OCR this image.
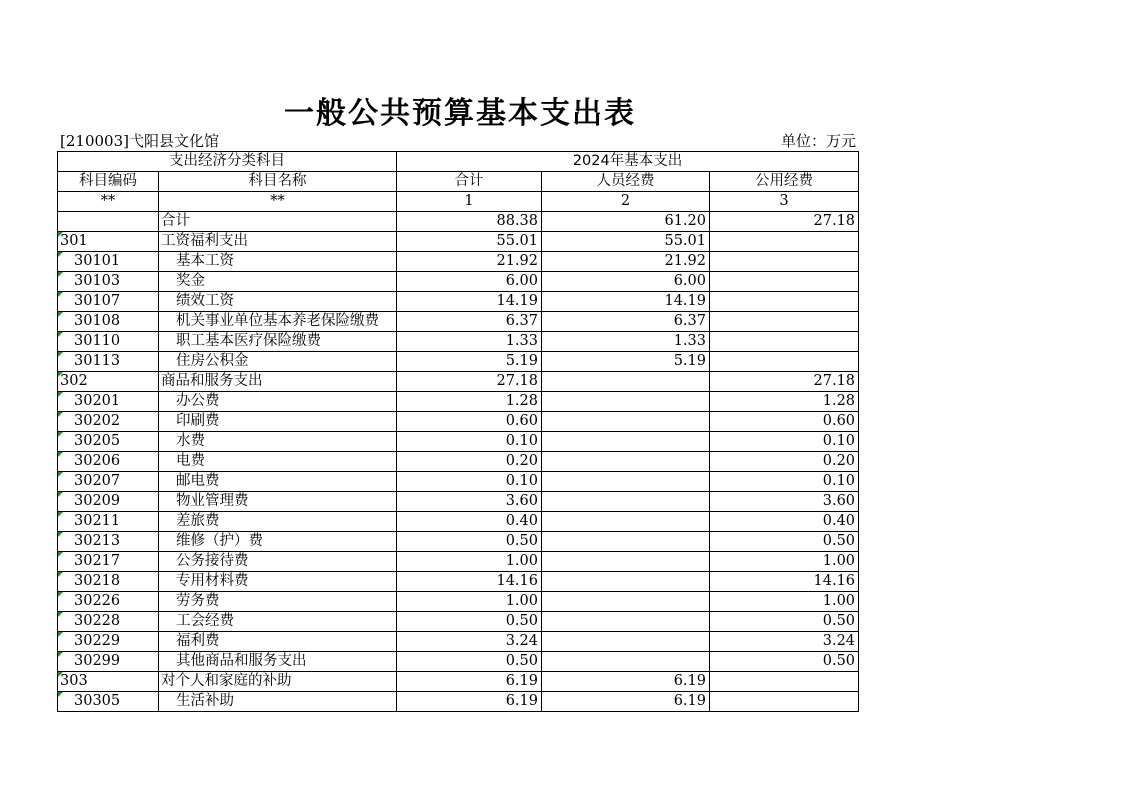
一般公共预算基本支出表
[210003]弋阳县文化馆	单位：万元
支出经济分类科目		2024年基本支出		
科目编码	科目名称	合计	人员经费	公用经费
**	**	1	2	3
	合计	88.38	61.20	27.18
301	工资福利支出	55.01	55.01	
30101	基本工资	21.92	21.92	
30103	奖金	6.00	6.00	
30107	绩效工资	14.19	14.19	
30108	机关事业单位基本养老保险缴费	6.37	6.37	
30110	职工基本医疗保险缴费	1.33	1.33	
30113	住房公积金	5.19	5.19	
302	商品和服务支出	27.18		27.18
30201	办公费	1.28		1.28
30202	印刷费	0.60		0.60
30205	水费	0.10		0.10
30206	电费	0.20		0.20
30207	邮电费	0.10		0.10
30209	物业管理费	3.60		3.60
30211	差旅费	0.40		0.40
30213	维修（护）费	0.50		0.50
30217	公务接待费	1.00		1.00
30218	专用材料费	14.16		14.16
30226	劳务费	1.00		1.00
30228	工会经费	0.50		0.50
30229	福利费	3.24		3.24
30299	其他商品和服务支出	0.50		0.50
303	对个人和家庭的补助	6.19	6.19	
30305	生活补助	6.19	6.19	
